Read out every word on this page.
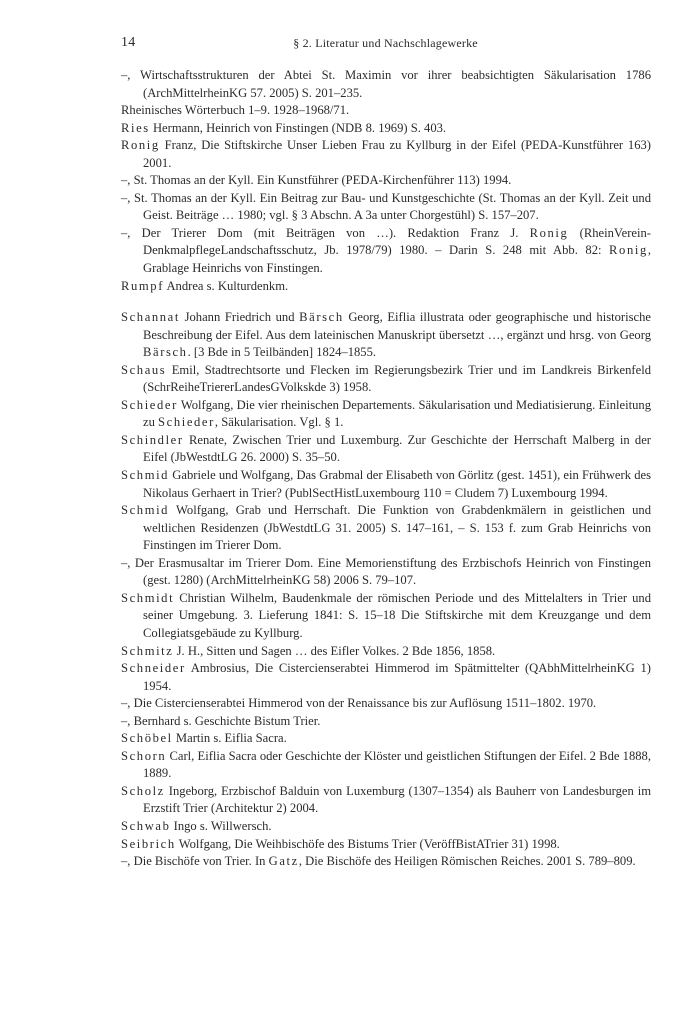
14	§ 2. Literatur und Nachschlagewerke

–, Wirtschaftsstrukturen der Abtei St. Maximin vor ihrer beabsichtigten Säkularisation 1786 (ArchMittelrheinKG 57. 2005) S. 201–235.

Rheinisches Wörterbuch 1–9. 1928–1968/71.

Ries Hermann, Heinrich von Finstingen (NDB 8. 1969) S. 403.

Ronig Franz, Die Stiftskirche Unser Lieben Frau zu Kyllburg in der Eifel (PEDA-Kunstführer 163) 2001.

–, St. Thomas an der Kyll. Ein Kunstführer (PEDA-Kirchenführer 113) 1994.

–, St. Thomas an der Kyll. Ein Beitrag zur Bau- und Kunstgeschichte (St. Thomas an der Kyll. Zeit und Geist. Beiträge … 1980; vgl. § 3 Abschn. A 3a unter Chorgestühl) S. 157–207.

–, Der Trierer Dom (mit Beiträgen von …). Redaktion Franz J. Ronig (RheinVerein-DenkmalpflegeLandschaftsschutz, Jb. 1978/79) 1980. – Darin S. 248 mit Abb. 82: Ronig, Grablage Heinrichs von Finstingen.

Rumpf Andrea s. Kulturdenkm.

Schannat Johann Friedrich und Bärsch Georg, Eiflia illustrata oder geographische und historische Beschreibung der Eifel. Aus dem lateinischen Manuskript übersetzt …, ergänzt und hrsg. von Georg Bärsch. [3 Bde in 5 Teilbänden] 1824–1855.

Schaus Emil, Stadtrechtsorte und Flecken im Regierungsbezirk Trier und im Landkreis Birkenfeld (SchrReiheTriererLandesGVolkskde 3) 1958.

Schieder Wolfgang, Die vier rheinischen Departements. Säkularisation und Mediatisierung. Einleitung zu Schieder, Säkularisation. Vgl. § 1.

Schindler Renate, Zwischen Trier und Luxemburg. Zur Geschichte der Herrschaft Malberg in der Eifel (JbWestdtLG 26. 2000) S. 35–50.

Schmid Gabriele und Wolfgang, Das Grabmal der Elisabeth von Görlitz (gest. 1451), ein Frühwerk des Nikolaus Gerhaert in Trier? (PublSectHistLuxembourg 110 = Cludem 7) Luxembourg 1994.

Schmid Wolfgang, Grab und Herrschaft. Die Funktion von Grabdenkmälern in geistlichen und weltlichen Residenzen (JbWestdtLG 31. 2005) S. 147–161, – S. 153 f. zum Grab Heinrichs von Finstingen im Trierer Dom.

–, Der Erasmusaltar im Trierer Dom. Eine Memorienstiftung des Erzbischofs Heinrich von Finstingen (gest. 1280) (ArchMittelrheinKG 58) 2006 S. 79–107.

Schmidt Christian Wilhelm, Baudenkmale der römischen Periode und des Mittelalters in Trier und seiner Umgebung. 3. Lieferung 1841: S. 15–18 Die Stiftskirche mit dem Kreuzgange und dem Collegiatsgebäude zu Kyllburg.

Schmitz J. H., Sitten und Sagen … des Eifler Volkes. 2 Bde 1856, 1858.

Schneider Ambrosius, Die Cistercienserabtei Himmerod im Spätmittelter (QAbhMittelrheinKG 1) 1954.

–, Die Cistercienserabtei Himmerod von der Renaissance bis zur Auflösung 1511–1802. 1970.

–, Bernhard s. Geschichte Bistum Trier.

Schöbel Martin s. Eiflia Sacra.

Schorn Carl, Eiflia Sacra oder Geschichte der Klöster und geistlichen Stiftungen der Eifel. 2 Bde 1888, 1889.

Scholz Ingeborg, Erzbischof Balduin von Luxemburg (1307–1354) als Bauherr von Landesburgen im Erzstift Trier (Architektur 2) 2004.

Schwab Ingo s. Willwersch.

Seibrich Wolfgang, Die Weihbischöfe des Bistums Trier (VeröffBistATrier 31) 1998.

–, Die Bischöfe von Trier. In Gatz, Die Bischöfe des Heiligen Römischen Reiches. 2001 S. 789–809.
